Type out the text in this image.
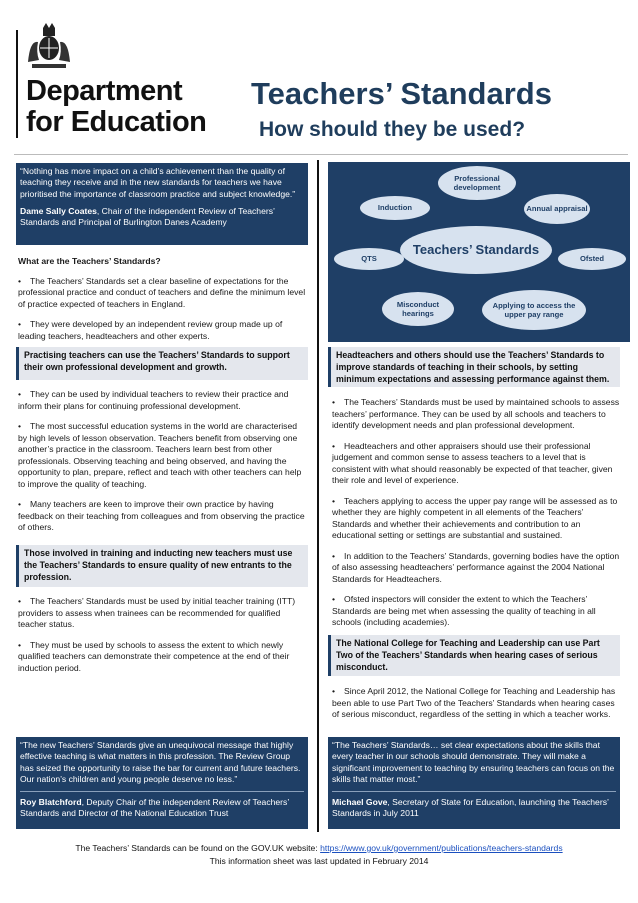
Department
for Education
Teachers’ Standards
How should they be used?
“Nothing has more impact on a child’s achievement than the quality of teaching they receive and in the new standards for teachers we have prioritised the importance of classroom practice and subject knowledge.”
Dame Sally Coates, Chair of the independent Review of Teachers’ Standards and Principal of Burlington Danes Academy
What are the Teachers’ Standards?

• The Teachers’ Standards set a clear baseline of expectations for the professional practice and conduct of teachers and define the minimum level of practice expected of teachers in England.

• They were developed by an independent review group made up of leading teachers, headteachers and other experts.

Practising teachers can use the Teachers’ Standards to support their own professional development and growth.

• They can be used by individual teachers to review their practice and inform their plans for continuing professional development.

• The most successful education systems in the world are characterised by high levels of lesson observation. Teachers benefit from observing one another’s practice in the classroom. Teachers learn best from other professionals. Observing teaching and being observed, and having the opportunity to plan, prepare, reflect and teach with other teachers can help to improve the quality of teaching.

• Many teachers are keen to improve their own practice by having feedback on their teaching from colleagues and from observing the practice of others.

Those involved in training and inducting new teachers must use the Teachers’ Standards to ensure quality of new entrants to the profession.

• The Teachers’ Standards must be used by initial teacher training (ITT) providers to assess when trainees can be recommended for qualified teacher status.

• They must be used by schools to assess the extent to which newly qualified teachers can demonstrate their competence at the end of their induction period.

“The new Teachers’ Standards give an unequivocal message that highly effective teaching is what matters in this profession. The Review Group has seized the opportunity to raise the bar for current and future teachers. Our nation’s children and young people deserve no less.”
Roy Blatchford, Deputy Chair of the independent Review of Teachers’ Standards and Director of the National Education Trust
Professional development
Induction	Annual appraisal
Teachers’ Standards
QTS	Ofsted
Misconduct hearings
Applying to access the upper pay range
Headteachers and others should use the Teachers’ Standards to improve standards of teaching in their schools, by setting minimum expectations and assessing performance against them.

• The Teachers’ Standards must be used by maintained schools to assess teachers’ performance. They can be used by all schools and teachers to identify development needs and plan professional development.

• Headteachers and other appraisers should use their professional judgement and common sense to assess teachers to a level that is consistent with what should reasonably be expected of that teacher, given their role and level of experience.

• Teachers applying to access the upper pay range will be assessed as to whether they are highly competent in all elements of the Teachers’ Standards and whether their achievements and contribution to an educational setting or settings are substantial and sustained.

• In addition to the Teachers’ Standards, governing bodies have the option of also assessing headteachers’ performance against the 2004 National Standards for Headteachers.

• Ofsted inspectors will consider the extent to which the Teachers’ Standards are being met when assessing the quality of teaching in all schools (including academies).

The National College for Teaching and Leadership can use Part Two of the Teachers’ Standards when hearing cases of serious misconduct.

• Since April 2012, the National College for Teaching and Leadership has been able to use Part Two of the Teachers’ Standards when hearing cases of serious misconduct, regardless of the setting in which a teacher works.

“The Teachers’ Standards… set clear expectations about the skills that every teacher in our schools should demonstrate. They will make a significant improvement to teaching by ensuring teachers can focus on the skills that matter most.”
Michael Gove, Secretary of State for Education, launching the Teachers’ Standards in July 2011
The Teachers’ Standards can be found on the GOV.UK website: https://www.gov.uk/government/publications/teachers-standards
This information sheet was last updated in February 2014
